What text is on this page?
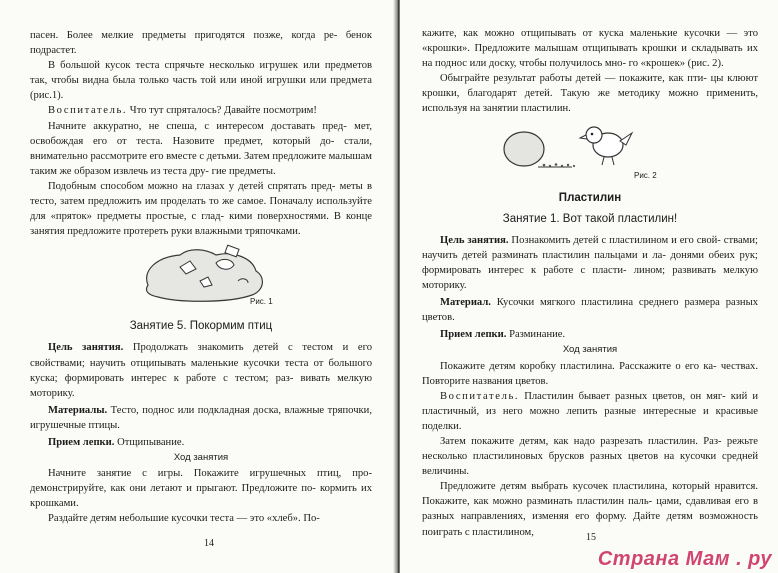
пасен. Более мелкие предметы пригодятся позже, когда ре- бенок подрастет.

В большой кусок теста спрячьте несколько игрушек или предметов так, чтобы видна была только часть той или иной игрушки или предмета (рис.1).

Воспитатель. Что тут спряталось? Давайте посмотрим!

Начните аккуратно, не спеша, с интересом доставать пред- мет, освобождая его от теста. Назовите предмет, который до- стали, внимательно рассмотрите его вместе с детьми. Затем предложите малышам таким же образом извлечь из теста дру- гие предметы.

Подобным способом можно на глазах у детей спрятать пред- меты в тесто, затем предложить им проделать то же самое. Поначалу используйте для «пряток» предметы простые, с глад- кими поверхностями. В конце занятия предложите протереть руки влажными тряпочками.

Рис. 1

Занятие 5. Покормим птиц

Цель занятия. Продолжать знакомить детей с тестом и его свойствами; научить отщипывать маленькие кусочки теста от большого куска; формировать интерес к работе с тестом; раз- вивать мелкую моторику.

Материалы. Тесто, поднос или подкладная доска, влажные тряпочки, игрушечные птицы.

Прием лепки. Отщипывание.

Ход занятия

Начните занятие с игры. Покажите игрушечных птиц, про- демонстрируйте, как они летают и прыгают. Предложите по- кормить их крошками.

Раздайте детям небольшие кусочки теста — это «хлеб». По-

14

кажите, как можно отщипывать от куска маленькие кусочки — это «крошки». Предложите малышам отщипывать крошки и складывать их на поднос или доску, чтобы получилось мно- го «крошек» (рис. 2).

Обыграйте результат работы детей — покажите, как пти- цы клюют крошки, благодарят детей. Такую же методику можно применить, используя на занятии пластилин.

Рис. 2

Пластилин

Занятие 1. Вот такой пластилин!

Цель занятия. Познакомить детей с пластилином и его свой- ствами; научить детей разминать пластилин пальцами и ла- донями обеих рук; формировать интерес к работе с пласти- лином; развивать мелкую моторику.

Материал. Кусочки мягкого пластилина среднего размера разных цветов.

Прием лепки. Разминание.

Ход занятия

Покажите детям коробку пластилина. Расскажите о его ка- чествах. Повторите названия цветов.

Воспитатель. Пластилин бывает разных цветов, он мяг- кий и пластичный, из него можно лепить разные интересные и красивые поделки.

Затем покажите детям, как надо разрезать пластилин. Раз- режьте несколько пластилиновых брусков разных цветов на кусочки средней величины.

Предложите детям выбрать кусочек пластилина, который нравится. Покажите, как можно разминать пластилин паль- цами, сдавливая его в разных направлениях, изменяя его форму. Дайте детям возможность поиграть с пластилином,	15
Страна Мам . ру
